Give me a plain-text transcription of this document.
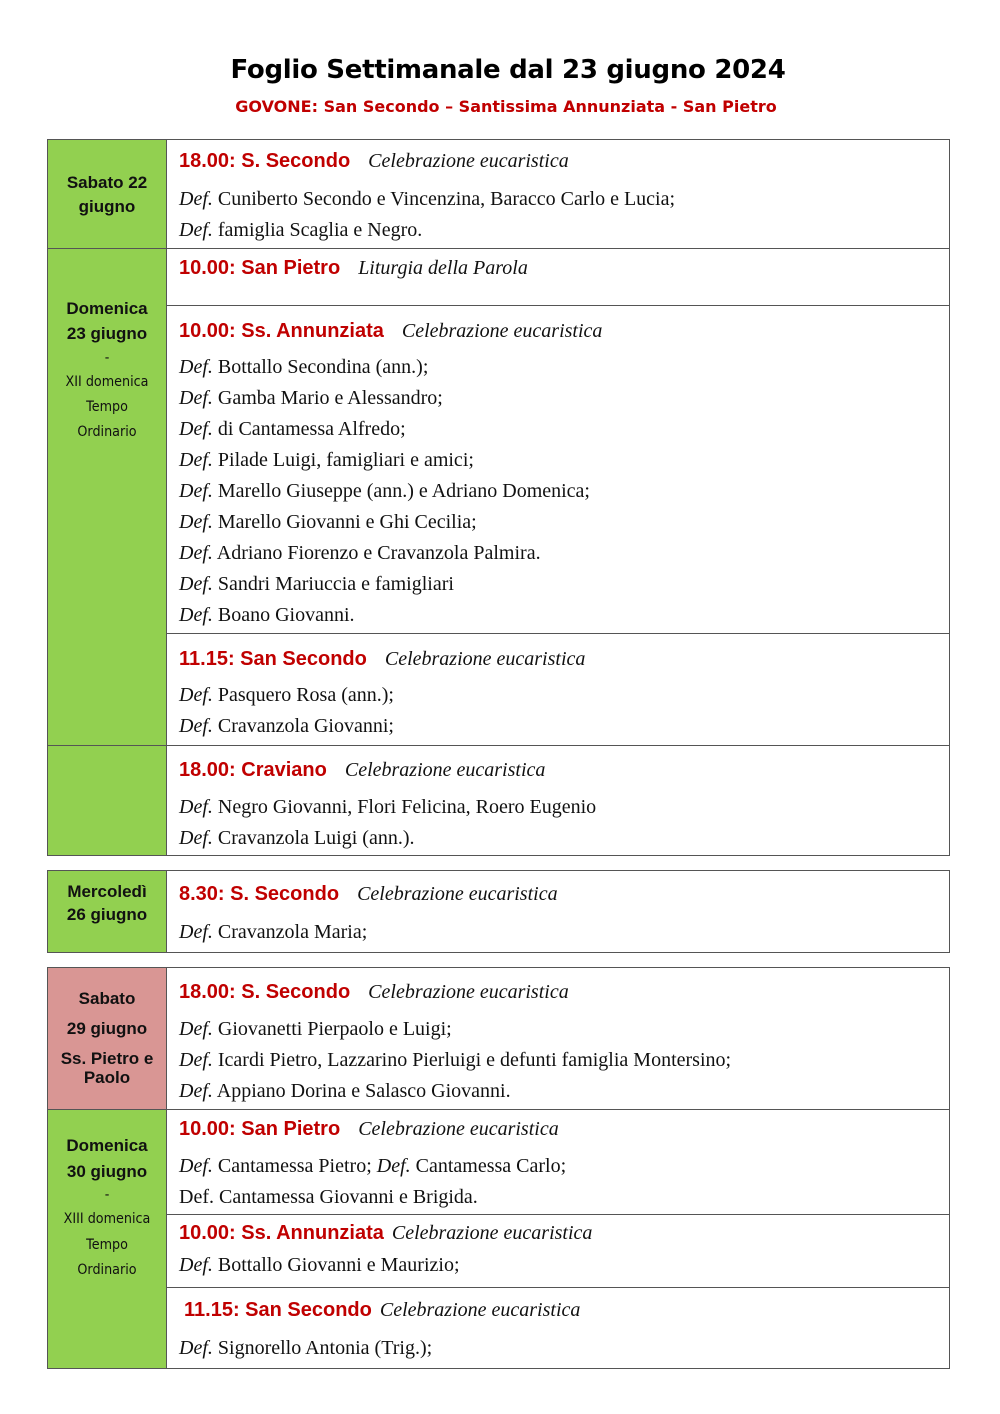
Foglio Settimanale dal 23 giugno 2024
GOVONE: San Secondo – Santissima Annunziata - San Pietro
Sabato 22
giugno
18.00: S. Secondo Celebrazione eucaristica
Def. Cuniberto Secondo e Vincenzina, Baracco Carlo e Lucia;
Def. famiglia Scaglia e Negro.
Domenica
23 giugno
-
XII domenica
Tempo
Ordinario
10.00: San Pietro Liturgia della Parola
10.00: Ss. Annunziata Celebrazione eucaristica
Def. Bottallo Secondina (ann.);
Def. Gamba Mario e Alessandro;
Def. di Cantamessa Alfredo;
Def. Pilade Luigi, famigliari e amici;
Def. Marello Giuseppe (ann.) e Adriano Domenica;
Def. Marello Giovanni e Ghi Cecilia;
Def. Adriano Fiorenzo e Cravanzola Palmira.
Def. Sandri Mariuccia e famigliari
Def. Boano Giovanni.
11.15: San Secondo Celebrazione eucaristica
Def. Pasquero Rosa (ann.);
Def. Cravanzola Giovanni;
18.00: Craviano Celebrazione eucaristica
Def. Negro Giovanni, Flori Felicina, Roero Eugenio
Def. Cravanzola Luigi (ann.).
Mercoledì
26 giugno
8.30: S. Secondo Celebrazione eucaristica
Def. Cravanzola Maria;
Sabato
29 giugno
Ss. Pietro e
Paolo
18.00: S. Secondo Celebrazione eucaristica
Def. Giovanetti Pierpaolo e Luigi;
Def. Icardi Pietro, Lazzarino Pierluigi e defunti famiglia Montersino;
Def. Appiano Dorina e Salasco Giovanni.
Domenica
30 giugno
-
XIII domenica
Tempo
Ordinario
10.00: San Pietro Celebrazione eucaristica
Def. Cantamessa Pietro; Def. Cantamessa Carlo;
Def. Cantamessa Giovanni e Brigida.
10.00: Ss. Annunziata Celebrazione eucaristica
Def. Bottallo Giovanni e Maurizio;
11.15: San Secondo Celebrazione eucaristica
Def. Signorello Antonia (Trig.);
